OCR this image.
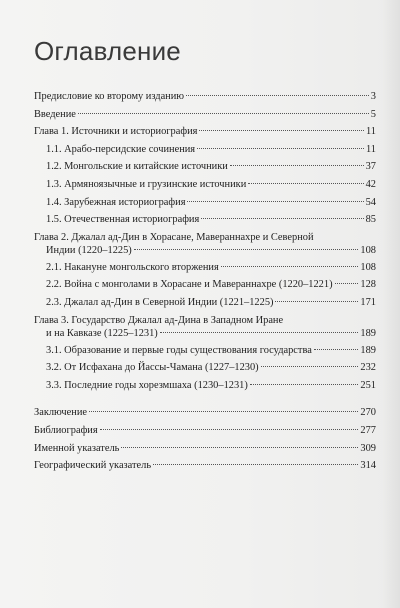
Оглавление
Предисловие ко второму изданию	3
Введение	5
Глава 1. Источники и историография	11
1.1. Арабо-персидские сочинения	11
1.2. Монгольские и китайские источники	37
1.3. Армяноязычные и грузинские источники	42
1.4. Зарубежная историография	54
1.5. Отечественная историография	85
Глава 2. Джалал ад-Дин в Хорасане, Мавераннахре и Северной
Индии (1220–1225)	108
2.1. Накануне монгольского вторжения	108
2.2. Война с монголами в Хорасане и Мавераннахре (1220–1221)	128
2.3. Джалал ад-Дин в Северной Индии (1221–1225)	171
Глава 3. Государство Джалал ад-Дина в Западном Иране
и на Кавказе (1225–1231)	189
3.1. Образование и первые годы существования государства	189
3.2. От Исфахана до Йассы-Чамана (1227–1230)	232
3.3. Последние годы хорезмшаха (1230–1231)	251
Заключение	270
Библиография	277
Именной указатель	309
Географический указатель	314
